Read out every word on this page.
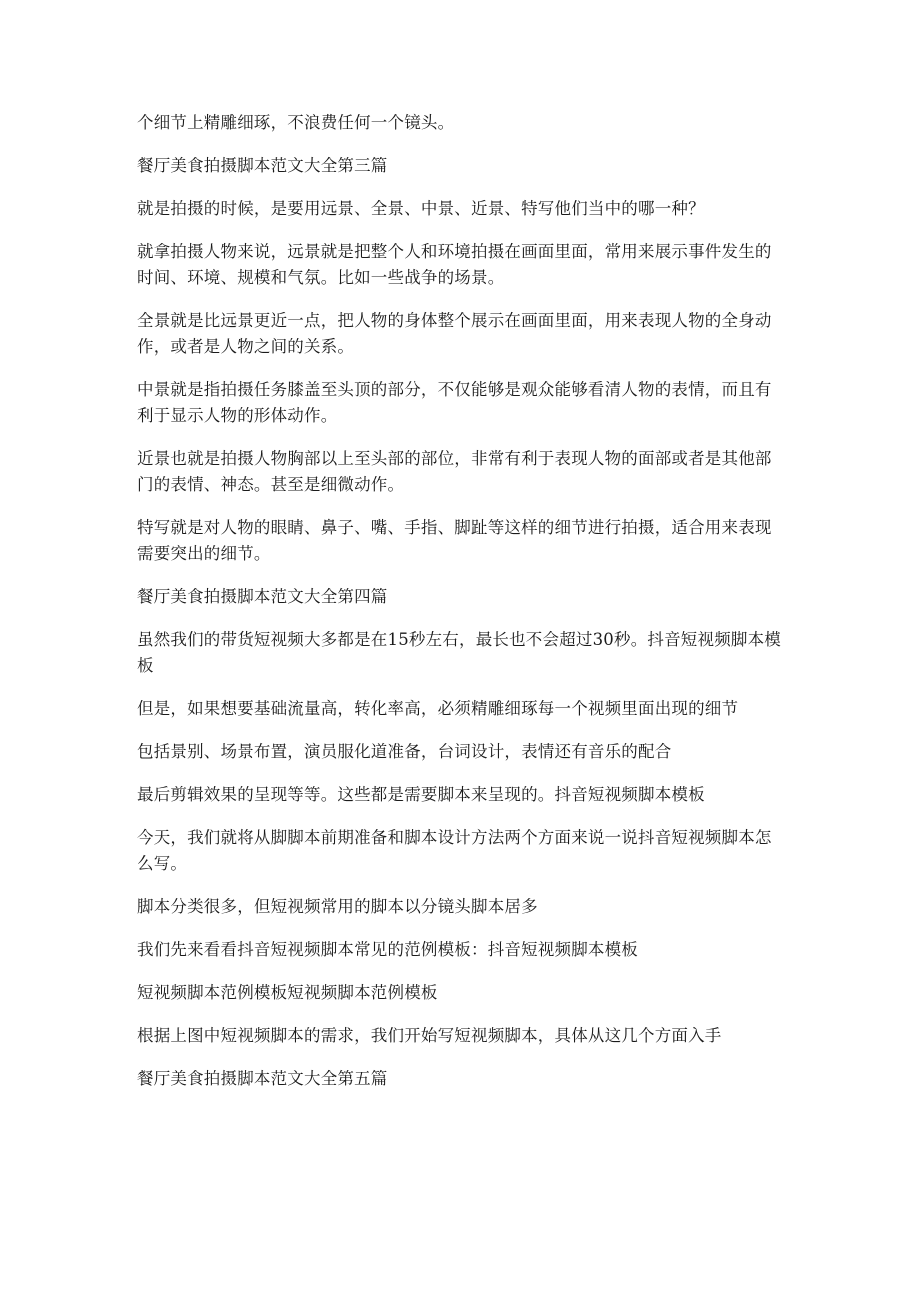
个细节上精雕细琢，不浪费任何一个镜头。

餐厅美食拍摄脚本范文大全第三篇

就是拍摄的时候，是要用远景、全景、中景、近景、特写他们当中的哪一种？

就拿拍摄人物来说，远景就是把整个人和环境拍摄在画面里面，常用来展示事件发生的时间、环境、规模和气氛。比如一些战争的场景。

全景就是比远景更近一点，把人物的身体整个展示在画面里面，用来表现人物的全身动作，或者是人物之间的关系。

中景就是指拍摄任务膝盖至头顶的部分，不仅能够是观众能够看清人物的表情，而且有利于显示人物的形体动作。

近景也就是拍摄人物胸部以上至头部的部位，非常有利于表现人物的面部或者是其他部门的表情、神态。甚至是细微动作。

特写就是对人物的眼睛、鼻子、嘴、手指、脚趾等这样的细节进行拍摄，适合用来表现需要突出的细节。

餐厅美食拍摄脚本范文大全第四篇

虽然我们的带货短视频大多都是在15秒左右，最长也不会超过30秒。抖音短视频脚本模板

但是，如果想要基础流量高，转化率高，必须精雕细琢每一个视频里面出现的细节

包括景别、场景布置，演员服化道准备，台词设计，表情还有音乐的配合

最后剪辑效果的呈现等等。这些都是需要脚本来呈现的。抖音短视频脚本模板

今天，我们就将从脚脚本前期准备和脚本设计方法两个方面来说一说抖音短视频脚本怎么写。

脚本分类很多，但短视频常用的脚本以分镜头脚本居多

我们先来看看抖音短视频脚本常见的范例模板：抖音短视频脚本模板

短视频脚本范例模板短视频脚本范例模板

根据上图中短视频脚本的需求，我们开始写短视频脚本，具体从这几个方面入手

餐厅美食拍摄脚本范文大全第五篇
